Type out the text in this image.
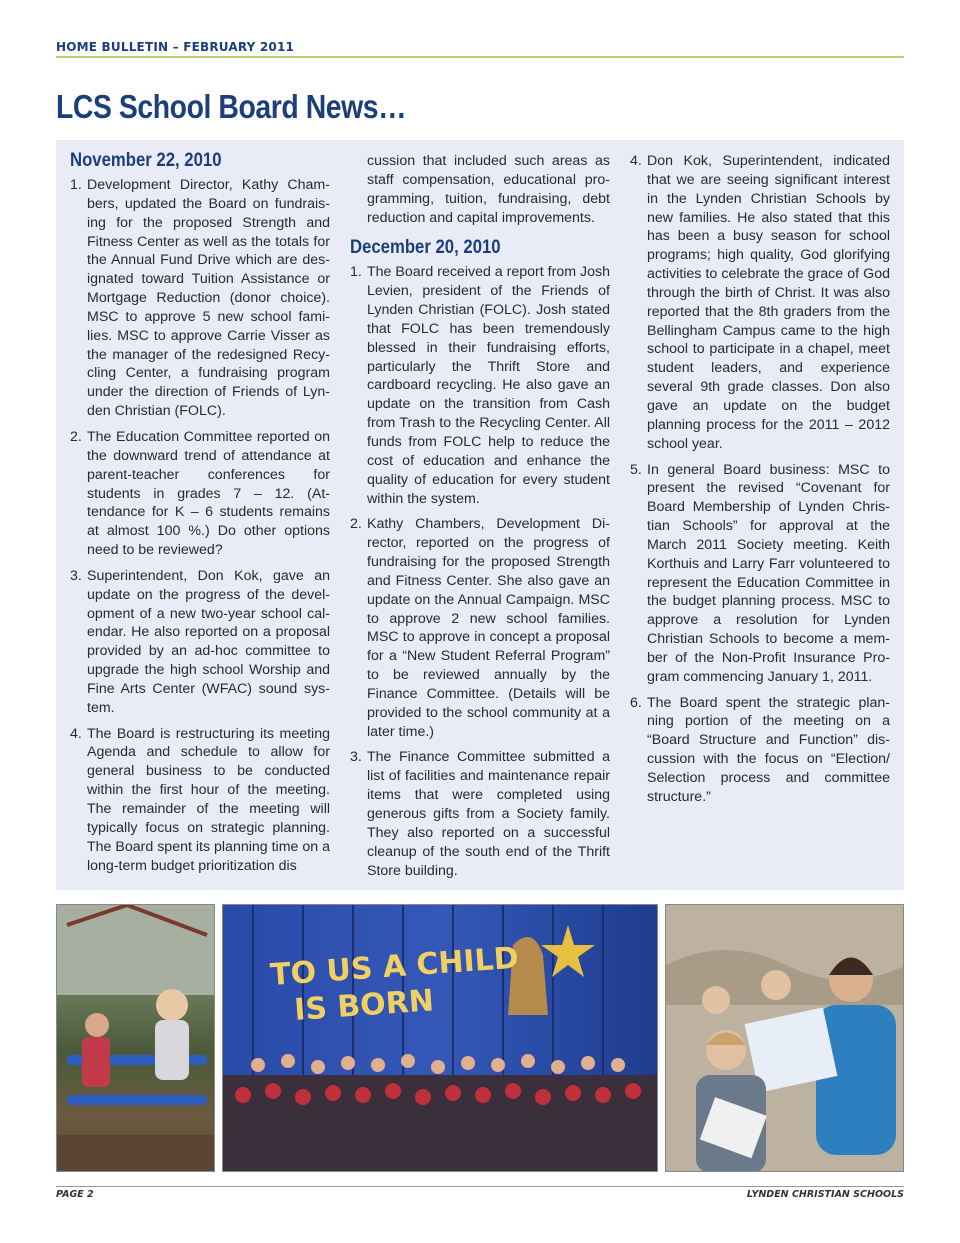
HOME BULLETIN – FEBRUARY 2011
LCS School Board News…
November 22, 2010
1. Development Director, Kathy Chambers, updated the Board on fundraising for the proposed Strength and Fitness Center as well as the totals for the Annual Fund Drive which are designated toward Tuition Assistance or Mortgage Reduction (donor choice). MSC to approve 5 new school families. MSC to approve Carrie Visser as the manager of the redesigned Recycling Center, a fundraising program under the direction of Friends of Lynden Christian (FOLC).
2. The Education Committee reported on the downward trend of attendance at parent-teacher conferences for students in grades 7 – 12. (Attendance for K – 6 students remains at almost 100 %.) Do other options need to be reviewed?
3. Superintendent, Don Kok, gave an update on the progress of the development of a new two-year school calendar. He also reported on a proposal provided by an ad-hoc committee to upgrade the high school Worship and Fine Arts Center (WFAC) sound system.
4. The Board is restructuring its meeting Agenda and schedule to allow for general business to be conducted within the first hour of the meeting. The remainder of the meeting will typically focus on strategic planning. The Board spent its planning time on a long-term budget prioritization dis

cussion that included such areas as staff compensation, educational programming, tuition, fundraising, debt reduction and capital improvements.

December 20, 2010
1. The Board received a report from Josh Levien, president of the Friends of Lynden Christian (FOLC). Josh stated that FOLC has been tremendously blessed in their fundraising efforts, particularly the Thrift Store and cardboard recycling. He also gave an update on the transition from Cash from Trash to the Recycling Center. All funds from FOLC help to reduce the cost of education and enhance the quality of education for every student within the system.
2. Kathy Chambers, Development Director, reported on the progress of fundraising for the proposed Strength and Fitness Center. She also gave an update on the Annual Campaign. MSC to approve 2 new school families. MSC to approve in concept a proposal for a “New Student Referral Program” to be reviewed annually by the Finance Committee. (Details will be provided to the school community at a later time.)
3. The Finance Committee submitted a list of facilities and maintenance repair items that were completed using generous gifts from a Society family. They also reported on a successful cleanup of the south end of the Thrift Store building.
4. Don Kok, Superintendent, indicated that we are seeing significant interest in the Lynden Christian Schools by new families. He also stated that this has been a busy season for school programs; high quality, God glorifying activities to celebrate the grace of God through the birth of Christ. It was also reported that the 8th graders from the Bellingham Campus came to the high school to participate in a chapel, meet student leaders, and experience several 9th grade classes. Don also gave an update on the budget planning process for the 2011 – 2012 school year.
5. In general Board business: MSC to present the revised “Covenant for Board Membership of Lynden Christian Schools” for approval at the March 2011 Society meeting. Keith Korthuis and Larry Farr volunteered to represent the Education Committee in the budget planning process. MSC to approve a resolution for Lynden Christian Schools to become a member of the Non-Profit Insurance Program commencing January 1, 2011.
6. The Board spent the strategic planning portion of the meeting on a “Board Structure and Function” discussion with the focus on “Election/ Selection process and committee structure.”
TO US A CHILD
IS BORN
PAGE 2	LYNDEN CHRISTIAN SCHOOLS
